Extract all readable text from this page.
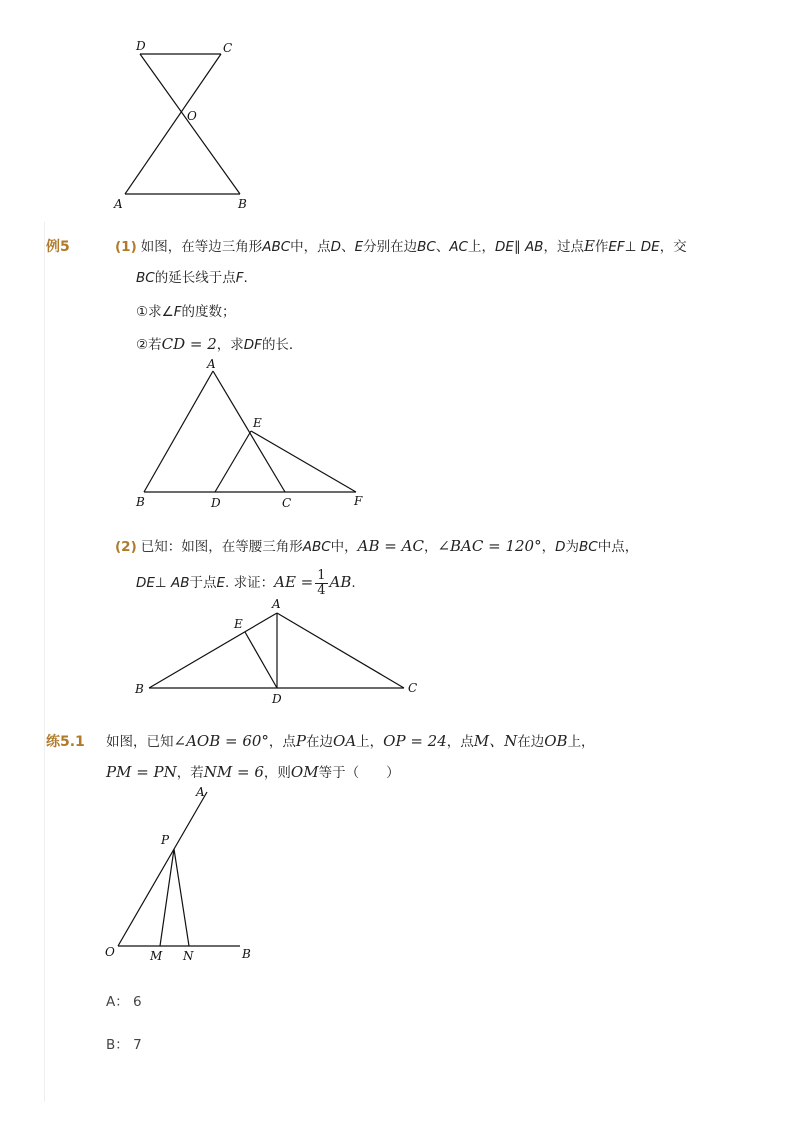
D	C
O
A	B
例5	(1) 如图，在等边三角形ABC中，点D、E分别在边BC、AC上，DE∥ AB，过点E作EF⊥ DE，交
BC的延长线于点F.
①求∠F的度数；
②若CD = 2，求DF的长．
A
B	D	C	F
E
(2) 已知：如图，在等腰三角形ABC中，AB = AC，∠BAC = 120°，D为BC中点，
DE⊥ AB于点E. 求证：AE = $\frac{1}{4}$ AB.
A
E
B
D
C
练5.1 如图，已知∠AOB = 60°，点P在边OA上，OP = 24，点M、N在边OB上，
PM = PN，若NM = 6，则OM等于（　　）
A
P
O	M N	B
A： 6
B： 7
